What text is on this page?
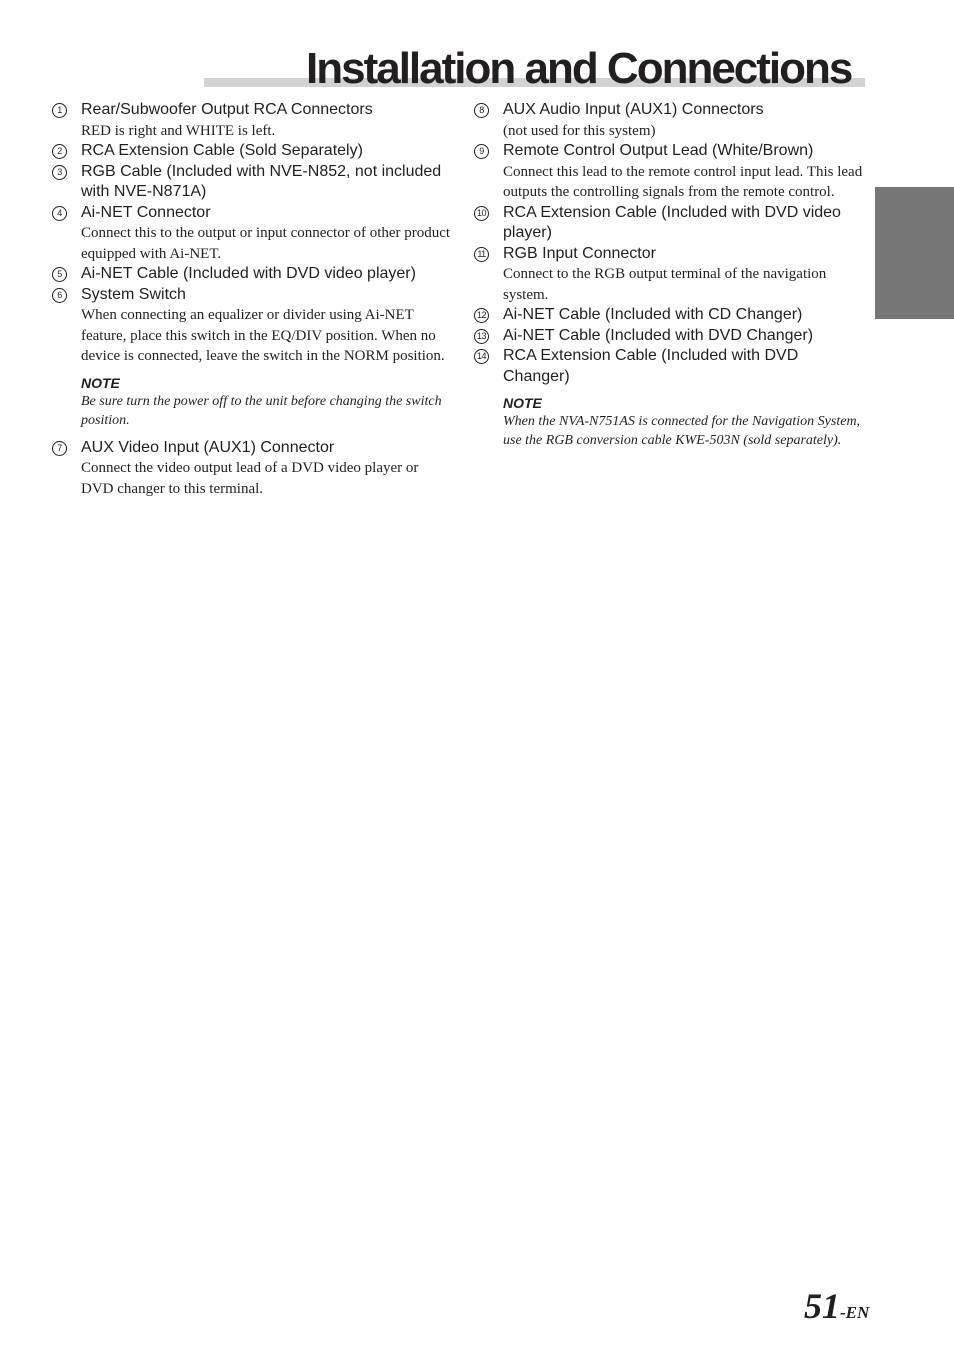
Installation and Connections
1	Rear/Subwoofer Output RCA Connectors
RED is right and WHITE is left.
2	RCA Extension Cable (Sold Separately)
3	RGB Cable (Included with NVE-N852, not included with NVE-N871A)
4	Ai-NET Connector
Connect this to the output or input connector of other product equipped with Ai-NET.
5	Ai-NET Cable (Included with DVD video player)
6	System Switch
When connecting an equalizer or divider using Ai-NET feature, place this switch in the EQ/DIV position. When no device is connected, leave the switch in the NORM position.
NOTE
Be sure turn the power off to the unit before changing the switch position.
7	AUX Video Input (AUX1) Connector
Connect the video output lead of a DVD video player or DVD changer to this terminal.
8	AUX Audio Input (AUX1) Connectors
(not used for this system)
9	Remote Control Output Lead (White/Brown)
Connect this lead to the remote control input lead. This lead outputs the controlling signals from the remote control.
10 RCA Extension Cable (Included with DVD video player)
11 RGB Input Connector
Connect to the RGB output terminal of the navigation system.
12 Ai-NET Cable (Included with CD Changer)
13 Ai-NET Cable (Included with DVD Changer)
14 RCA Extension Cable (Included with DVD Changer)
NOTE
When the NVA-N751AS is connected for the Navigation System, use the RGB conversion cable KWE-503N (sold separately).
51-EN
